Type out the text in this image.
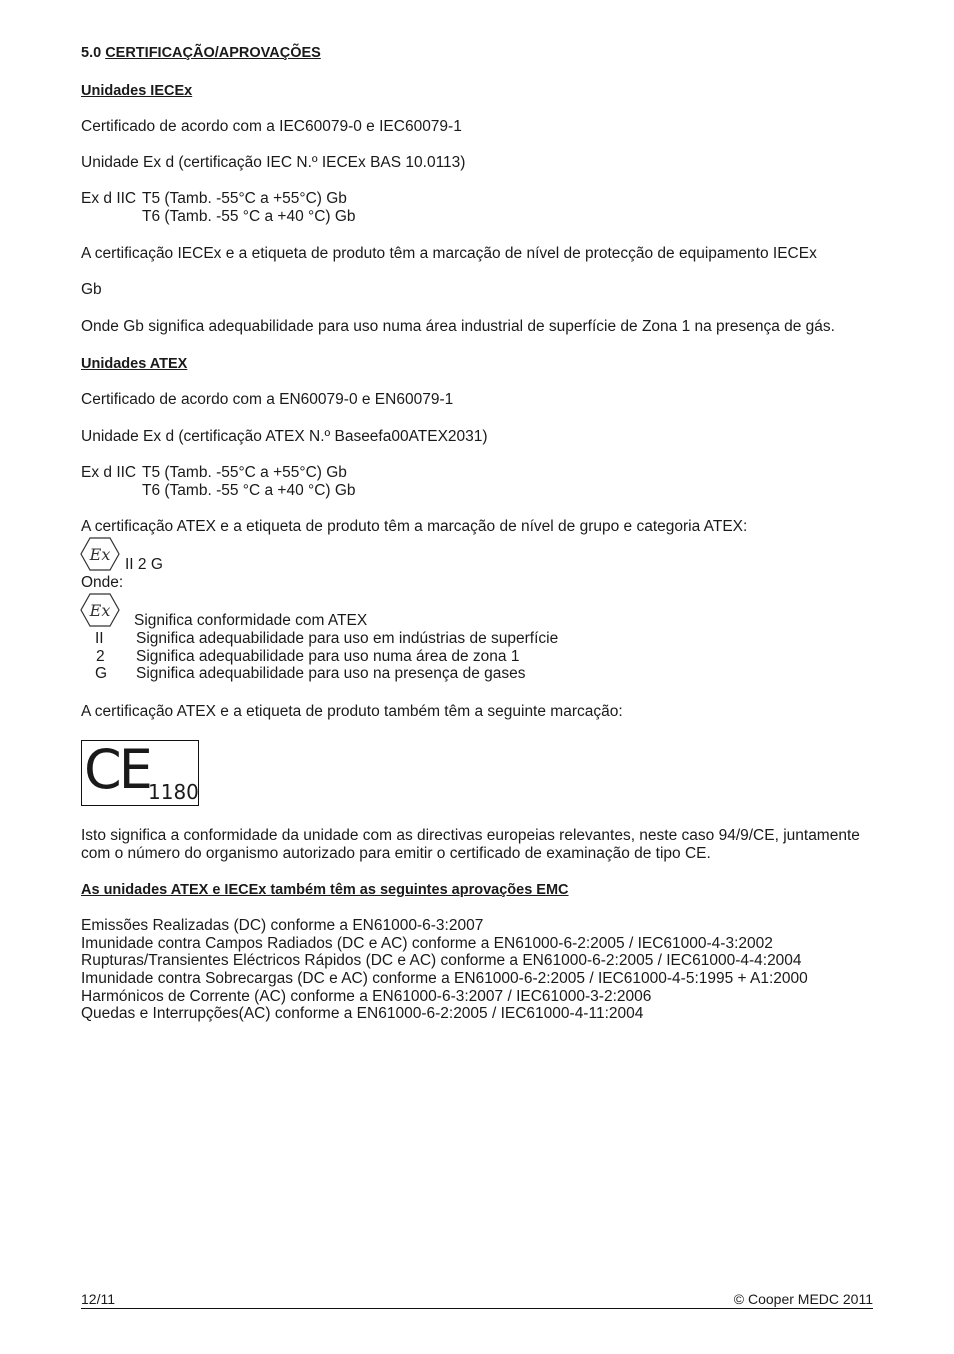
5.0 CERTIFICAÇÃO/APROVAÇÕES
Unidades IECEx
Certificado de acordo com a IEC60079-0 e IEC60079-1
Unidade Ex d (certificação IEC N.º IECEx BAS 10.0113)
Ex d IIC T5 (Tamb. -55°C a +55°C) Gb
T6 (Tamb. -55 °C a +40 °C) Gb
A certificação IECEx e a etiqueta de produto têm a marcação de nível de protecção de equipamento IECEx
Gb
Onde Gb significa adequabilidade para uso numa área industrial de superfície de Zona 1 na presença de gás.
Unidades ATEX
Certificado de acordo com a EN60079-0 e EN60079-1
Unidade Ex d (certificação ATEX N.º Baseefa00ATEX2031)
Ex d IIC T5 (Tamb. -55°C a +55°C) Gb
T6 (Tamb. -55 °C a +40 °C) Gb
A certificação ATEX e a etiqueta de produto têm a marcação de nível de grupo e categoria ATEX:
Ex
II 2 G
Onde:
Ex
Significa conformidade com ATEX
II Significa adequabilidade para uso em indústrias de superfície
2 Significa adequabilidade para uso numa área de zona 1
G Significa adequabilidade para uso na presença de gases
A certificação ATEX e a etiqueta de produto também têm a seguinte marcação:
CE
1180
Isto significa a conformidade da unidade com as directivas europeias relevantes, neste caso 94/9/CE, juntamente
com o número do organismo autorizado para emitir o certificado de examinação de tipo CE.
As unidades ATEX e IECEx também têm as seguintes aprovações EMC
Emissões Realizadas (DC) conforme a EN61000-6-3:2007
Imunidade contra Campos Radiados (DC e AC) conforme a EN61000-6-2:2005 / IEC61000-4-3:2002
Rupturas/Transientes Eléctricos Rápidos (DC e AC) conforme a EN61000-6-2:2005 / IEC61000-4-4:2004
Imunidade contra Sobrecargas (DC e AC) conforme a EN61000-6-2:2005 / IEC61000-4-5:1995 + A1:2000
Harmónicos de Corrente (AC) conforme a EN61000-6-3:2007 / IEC61000-3-2:2006
Quedas e Interrupções(AC) conforme a EN61000-6-2:2005 / IEC61000-4-11:2004
12/11	© Cooper MEDC 2011
